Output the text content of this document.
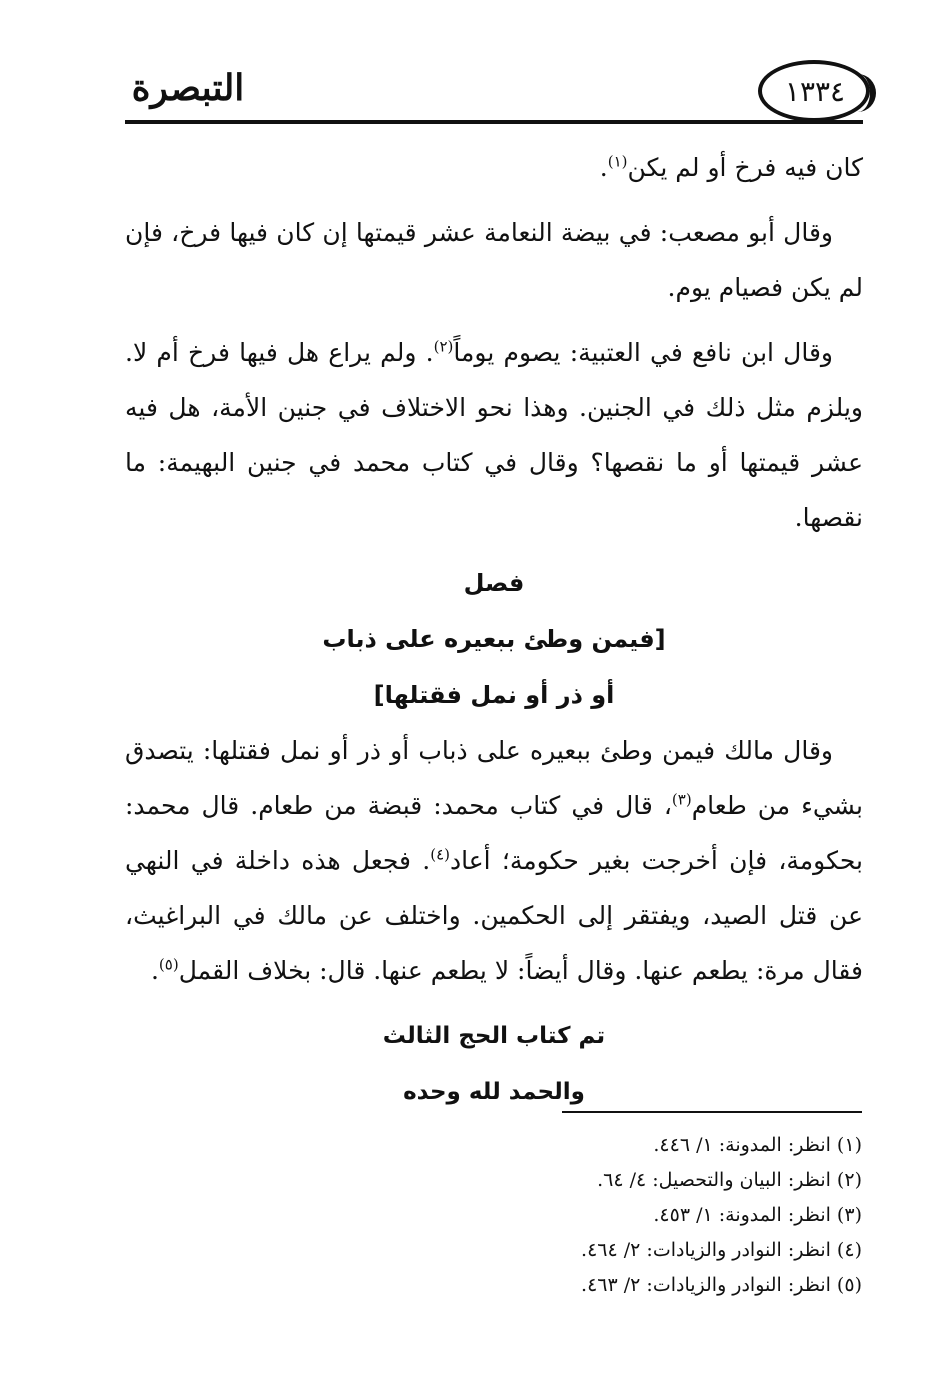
التبصرة	١٣٣٤

كان فيه فرخ أو لم يكن$^{(١)}$.

وقال أبو مصعب: في بيضة النعامة عشر قيمتها إن كان فيها فرخ، فإن لم يكن فصيام يوم.

وقال ابن نافع في العتبية: يصوم يوماً$^{(٢)}$. ولم يراع هل فيها فرخ أم لا. ويلزم مثل ذلك في الجنين. وهذا نحو الاختلاف في جنين الأمة، هل فيه عشر قيمتها أو ما نقصها؟ وقال في كتاب محمد في جنين البهيمة: ما نقصها.

فصل

[فيمن وطئ ببعيره على ذباب

أو ذر أو نمل فقتلها]

وقال مالك فيمن وطئ ببعيره على ذباب أو ذر أو نمل فقتلها: يتصدق بشيء من طعام$^{(٣)}$، قال في كتاب محمد: قبضة من طعام. قال محمد: بحكومة، فإن أخرجت بغير حكومة؛ أعاد$^{(٤)}$. فجعل هذه داخلة في النهي عن قتل الصيد، ويفتقر إلى الحكمين. واختلف عن مالك في البراغيث، فقال مرة: يطعم عنها. وقال أيضاً: لا يطعم عنها. قال: بخلاف القمل$^{(٥)}$.

تم كتاب الحج الثالث

والحمد لله وحده

(١) انظر: المدونة: ١/ ٤٤٦.

(٢) انظر: البيان والتحصيل: ٤/ ٦٤.

(٣) انظر: المدونة: ١/ ٤٥٣.

(٤) انظر: النوادر والزيادات: ٢/ ٤٦٤.

(٥) انظر: النوادر والزيادات: ٢/ ٤٦٣.
